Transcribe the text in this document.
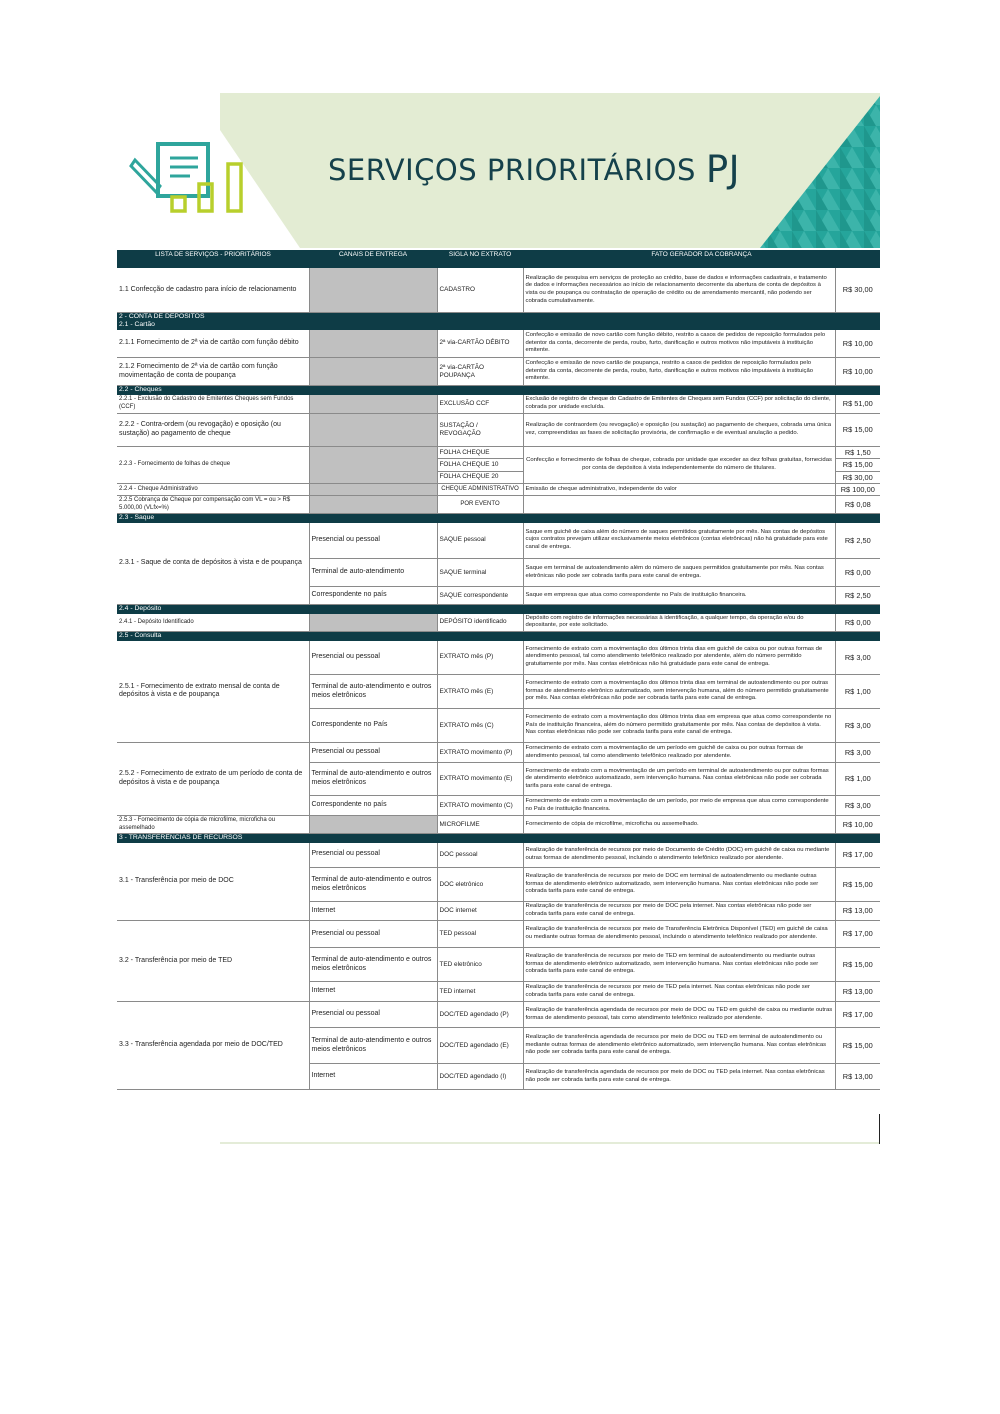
SERVIÇOS PRIORITÁRIOS PJ
LISTA DE SERVIÇOS - PRIORITÁRIOS	CANAIS DE ENTREGA	SIGLA NO EXTRATO	FATO GERADOR DA COBRANÇA	

1.1 Confecção de cadastro para início de relacionamento		CADASTRO	Realização de pesquisa em serviços de proteção ao crédito, base de dados e informações cadastrais, e tratamento de dados e informações necessários ao início de relacionamento decorrente da abertura de conta de depósitos à vista ou de poupança ou contratação de operação de crédito ou de arrendamento mercantil, não podendo ser cobrada cumulativamente.	R$ 30,00
2 - CONTA DE DEPÓSITOS				
2.1 - Cartão				
2.1.1 Fornecimento de 2ª via de cartão com função débito		2ª via-CARTÃO DÉBITO	Confecção e emissão de novo cartão com função débito, restrito a casos de pedidos de reposição formulados pelo detentor da conta, decorrente de perda, roubo, furto, danificação e outros motivos não imputáveis à instituição emitente.	R$ 10,00
2.1.2 Fornecimento de 2ª via de cartão com função movimentação de conta de poupança		2ª via-CARTÃO POUPANÇA	Confecção e emissão de novo cartão de poupança, restrito a casos de pedidos de reposição formulados pelo detentor da conta, decorrente de perda, roubo, furto, danificação e outros motivos não imputáveis à instituição emitente.	R$ 10,00
2.2 - Cheques				
2.2.1 - Exclusão do Cadastro de Emitentes Cheques sem Fundos (CCF)		EXCLUSÃO CCF	Exclusão de registro de cheque do Cadastro de Emitentes de Cheques sem Fundos (CCF) por solicitação do cliente, cobrada por unidade excluída.	R$ 51,00
2.2.2 - Contra-ordem (ou revogação) e oposição (ou sustação) ao pagamento de cheque		SUSTAÇÃO / REVOGAÇÃO	Realização de contraordem (ou revogação) e oposição (ou sustação) ao pagamento de cheques, cobrada uma única vez, compreendidas as fases de solicitação provisória, de confirmação e de eventual anulação a pedido.	R$ 15,00
2.2.3 - Fornecimento de folhas de cheque		FOLHA CHEQUE	Confecção e fornecimento de folhas de cheque, cobrada por unidade que exceder as dez folhas gratuitas, fornecidas por conta de depósitos à vista independentemente do número de titulares.	R$ 1,50
		FOLHA CHEQUE 10		R$ 15,00
		FOLHA CHEQUE 20		R$ 30,00
2.2.4 - Cheque Administrativo		CHEQUE ADMINISTRATIVO	Emissão de cheque administrativo, independente do valor	R$ 100,00
2.2.5 Cobrança de Cheque por compensação com VL = ou > R$ 5.000,00 (VLfx=%)		POR EVENTO		R$ 0,08
2.3 - Saque				
2.3.1 - Saque de conta de depósitos à vista e de poupança	Presencial ou pessoal	SAQUE pessoal	Saque em guichê de caixa além do número de saques permitidos gratuitamente por mês. Nas contas de depósitos cujos contratos prevejam utilizar exclusivamente meios eletrônicos (contas eletrônicas) não há gratuidade para este canal de entrega.	R$ 2,50
	Terminal de auto-atendimento	SAQUE terminal	Saque em terminal de autoatendimento além do número de saques permitidos gratuitamente por mês. Nas contas eletrônicas não pode ser cobrada tarifa para este canal de entrega.	R$ 0,00
	Correspondente no país	SAQUE correspondente	Saque em empresa que atua como correspondente no País de instituição financeira.	R$ 2,50
2.4 - Depósito				
2.4.1 - Depósito Identificado		DEPÓSITO identificado	Depósito com registro de informações necessárias à identificação, a qualquer tempo, da operação e/ou do depositante, por este solicitado.	R$ 0,00
2.5 - Consulta				
2.5.1 - Fornecimento de extrato mensal de conta de depósitos à vista e de poupança	Presencial ou pessoal	EXTRATO mês (P)	Fornecimento de extrato com a movimentação dos últimos trinta dias em guichê de caixa ou por outras formas de atendimento pessoal, tal como atendimento telefônico realizado por atendente, além do número permitido gratuitamente por mês. Nas contas eletrônicas não há gratuidade para este canal de entrega.	R$ 3,00
	Terminal de auto-atendimento e outros meios eletrônicos	EXTRATO mês (E)	Fornecimento de extrato com a movimentação dos últimos trinta dias em terminal de autoatendimento ou por outras formas de atendimento eletrônico automatizado, sem intervenção humana, além do número permitido gratuitamente por mês. Nas contas eletrônicas não pode ser cobrada tarifa para este canal de entrega.	R$ 1,00
	Correspondente no País	EXTRATO mês (C)	Fornecimento de extrato com a movimentação dos últimos trinta dias em empresa que atua como correspondente no País de instituição financeira, além do número permitido gratuitamente por mês. Nas contas de depósitos à vista. Nas contas eletrônicas não pode ser cobrada tarifa para este canal de entrega.	R$ 3,00
2.5.2 - Fornecimento de extrato de um período de conta de depósitos à vista e de poupança	Presencial ou pessoal	EXTRATO movimento (P)	Fornecimento de extrato com a movimentação de um período em guichê de caixa ou por outras formas de atendimento pessoal, tal como atendimento telefônico realizado por atendente.	R$ 3,00
	Terminal de auto-atendimento e outros meios eletrônicos	EXTRATO movimento (E)	Fornecimento de extrato com a movimentação de um período em terminal de autoatendimento ou por outras formas de atendimento eletrônico automatizado, sem intervenção humana. Nas contas eletrônicas não pode ser cobrada tarifa para este canal de entrega.	R$ 1,00
	Correspondente no país	EXTRATO movimento (C)	Fornecimento de extrato com a movimentação de um período, por meio de empresa que atua como correspondente no País de instituição financeira.	R$ 3,00
2.5.3 - Fornecimento de cópia de microfilme, microficha ou assemelhado		MICROFILME	Fornecimento de cópia de microfilme, microficha ou assemelhado.	R$ 10,00
3 - TRANSFERÊNCIAS DE RECURSOS				
3.1 - Transferência por meio de DOC	Presencial ou pessoal	DOC pessoal	Realização de transferência de recursos por meio de Documento de Crédito (DOC) em guichê de caixa ou mediante outras formas de atendimento pessoal, incluindo o atendimento telefônico realizado por atendente.	R$ 17,00
	Terminal de auto-atendimento e outros meios eletrônicos	DOC eletrônico	Realização de transferência de recursos por meio de DOC em terminal de autoatendimento ou mediante outras formas de atendimento eletrônico automatizado, sem intervenção humana. Nas contas eletrônicas não pode ser cobrada tarifa para este canal de entrega.	R$ 15,00
	Internet	DOC internet	Realização de transferência de recursos por meio de DOC pela internet. Nas contas eletrônicas não pode ser cobrada tarifa para este canal de entrega.	R$ 13,00
3.2 - Transferência por meio de TED	Presencial ou pessoal	TED pessoal	Realização de transferência de recursos por meio de Transferência Eletrônica Disponível (TED) em guichê de caixa ou mediante outras formas de atendimento pessoal, incluindo o atendimento telefônico realizado por atendente.	R$ 17,00
	Terminal de auto-atendimento e outros meios eletrônicos	TED eletrônico	Realização de transferência de recursos por meio de TED em terminal de autoatendimento ou mediante outras formas de atendimento eletrônico automatizado, sem intervenção humana. Nas contas eletrônicas não pode ser cobrada tarifa para este canal de entrega.	R$ 15,00
	Internet	TED internet	Realização de transferência de recursos por meio de TED pela internet. Nas contas eletrônicas não pode ser cobrada tarifa para este canal de entrega.	R$ 13,00
3.3 - Transferência agendada por meio de DOC/TED	Presencial ou pessoal	DOC/TED agendado (P)	Realização de transferência agendada de recursos por meio de DOC ou TED em guichê de caixa ou mediante outras formas de atendimento pessoal, tais como atendimento telefônico realizado por atendente.	R$ 17,00
	Terminal de auto-atendimento e outros meios eletrônicos	DOC/TED agendado (E)	Realização de transferência agendada de recursos por meio de DOC ou TED em terminal de autoatendimento ou mediante outras formas de atendimento eletrônico automatizado, sem intervenção humana. Nas contas eletrônicas não pode ser cobrada tarifa para este canal de entrega.	R$ 15,00
	Internet	DOC/TED agendado (I)	Realização de transferência agendada de recursos por meio de DOC ou TED pela internet. Nas contas eletrônicas não pode ser cobrada tarifa para este canal de entrega.	R$ 13,00
